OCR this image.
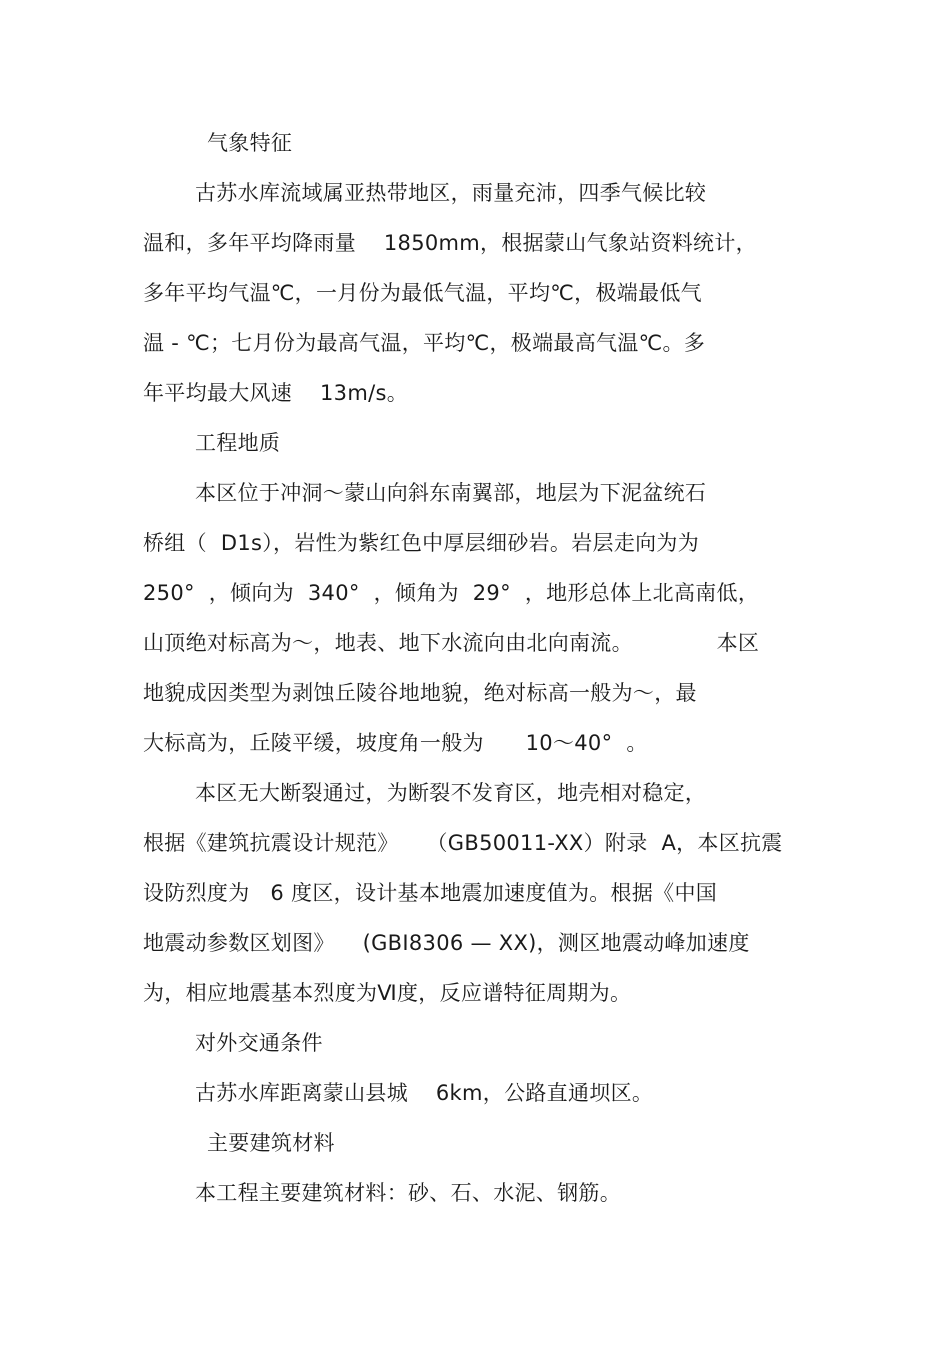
气象特征
古苏水库流域属亚热带地区，雨量充沛，四季气候比较
温和，多年平均降雨量    1850mm，根据蒙山气象站资料统计，
多年平均气温℃，一月份为最低气温，平均℃，极端最低气
温 - ℃；七月份为最高气温，平均℃，极端最高气温℃。多
年平均最大风速    13m/s。
工程地质
本区位于冲洞～蒙山向斜东南翼部，地层为下泥盆统石
桥组（  D1s），岩性为紫红色中厚层细砂岩。岩层走向为为
250°  ，倾向为  340°  ，倾角为  29°  ，地形总体上北高南低，
山顶绝对标高为～，地表、地下水流向由北向南流。            本区
地貌成因类型为剥蚀丘陵谷地地貌，绝对标高一般为～，最
大标高为，丘陵平缓，坡度角一般为      10～40°  。
本区无大断裂通过，为断裂不发育区，地壳相对稳定，
根据《建筑抗震设计规范》    （GB50011-XX）附录  A，本区抗震
设防烈度为   6 度区，设计基本地震加速度值为。根据《中国
地震动参数区划图》    (GBI8306 — XX)，测区地震动峰加速度
为，相应地震基本烈度为Ⅵ度，反应谱特征周期为。
对外交通条件
古苏水库距离蒙山县城    6km，公路直通坝区。
主要建筑材料
本工程主要建筑材料：砂、石、水泥、钢筋。
